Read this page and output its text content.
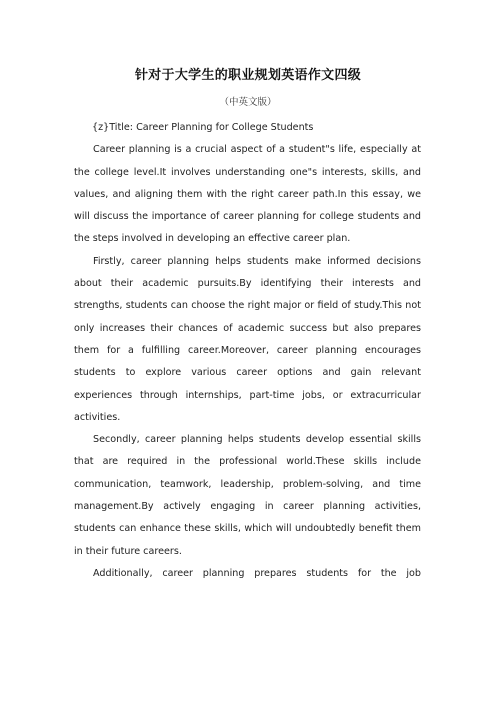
针对于大学生的职业规划英语作文四级
（中英文版）

{z}Title: Career Planning for College Students

Career planning is a crucial aspect of a student"s life, especially at the college level.It involves understanding one"s interests, skills, and values, and aligning them with the right career path.In this essay, we will discuss the importance of career planning for college students and the steps involved in developing an effective career plan.

Firstly, career planning helps students make informed decisions about their academic pursuits.By identifying their interests and strengths, students can choose the right major or field of study.This not only increases their chances of academic success but also prepares them for a fulfilling career.Moreover, career planning encourages students to explore various career options and gain relevant experiences through internships, part-time jobs, or extracurricular activities.

Secondly, career planning helps students develop essential skills that are required in the professional world.These skills include communication, teamwork, leadership, problem-solving, and time management.By actively engaging in career planning activities, students can enhance these skills, which will undoubtedly benefit them in their future careers.

Additionally, career planning prepares students for the job
